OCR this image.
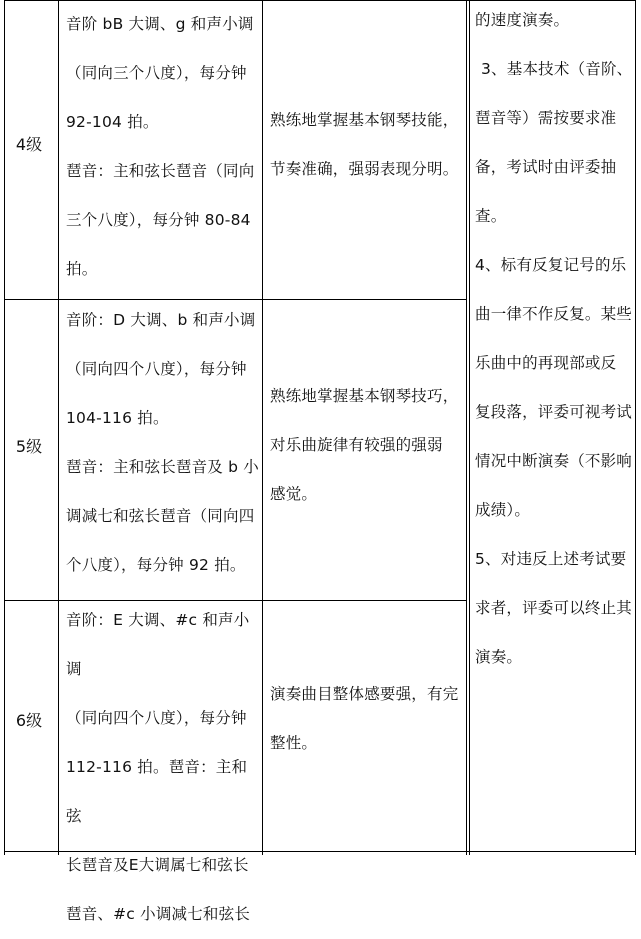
4级

音阶 bB 大调、g 和声小调

（同向三个八度），每分钟

92-104 拍。

琶音：主和弦长琶音（同向

三个八度），每分钟 80-84

拍。

熟练地掌握基本钢琴技能，

节奏准确，强弱表现分明。

5级

音阶：D 大调、b 和声小调

（同向四个八度），每分钟

104-116 拍。

琶音：主和弦长琶音及 b 小

调减七和弦长琶音（同向四

个八度），每分钟 92 拍。

熟练地掌握基本钢琴技巧，

对乐曲旋律有较强的强弱

感觉。

6级

音阶：E 大调、#c 和声小调

（同向四个八度），每分钟

112-116 拍。琶音：主和弦

长琶音及E大调属七和弦长

琶音、#c 小调减七和弦长

演奏曲目整体感要强，有完

整性。

的速度演奏。

3、基本技术（音阶、

琶音等）需按要求准

备，考试时由评委抽

查。

4、标有反复记号的乐

曲一律不作反复。某些

乐曲中的再现部或反

复段落，评委可视考试

情况中断演奏（不影响

成绩）。

5、对违反上述考试要

求者，评委可以终止其

演奏。
